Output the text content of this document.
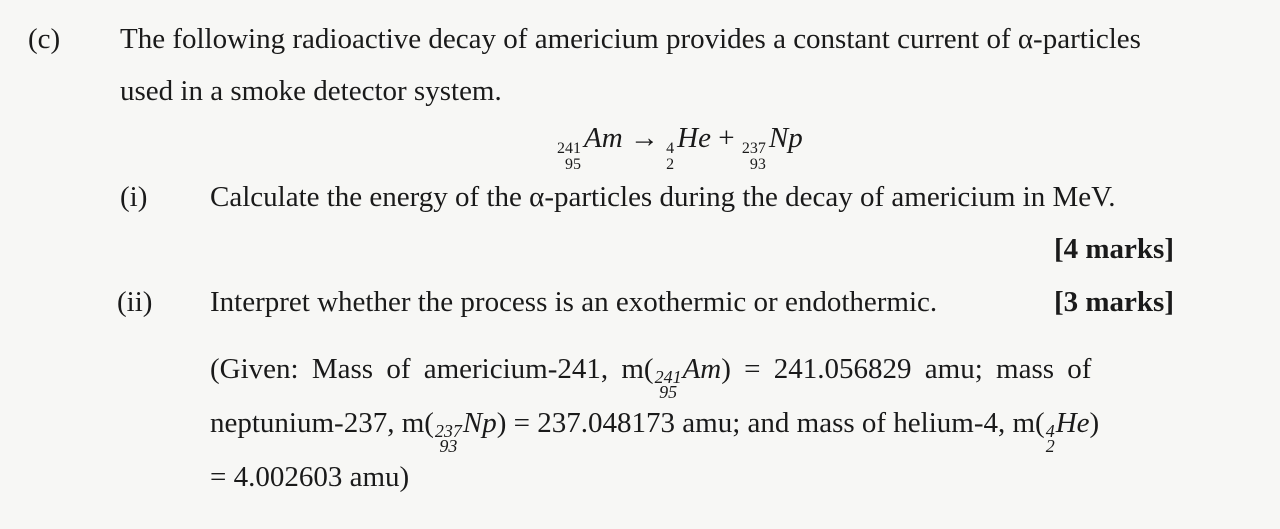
(c) The following radioactive decay of americium provides a constant current of α-particles
used in a smoke detector system.
241
95
Am → 4
2
He + 237
93
Np
(i) Calculate the energy of the α-particles during the decay of americium in MeV.
[4 marks]
(ii) Interpret whether the process is an exothermic or endothermic.	[3 marks]
(Given: Mass of americium-241, m( 241
95
Am ) = 241.056829 amu; mass of
neptunium-237, m( 237
93
Np) = 237.048173 amu; and mass of helium-4, m( 4
2
He)
= 4.002603 amu)
